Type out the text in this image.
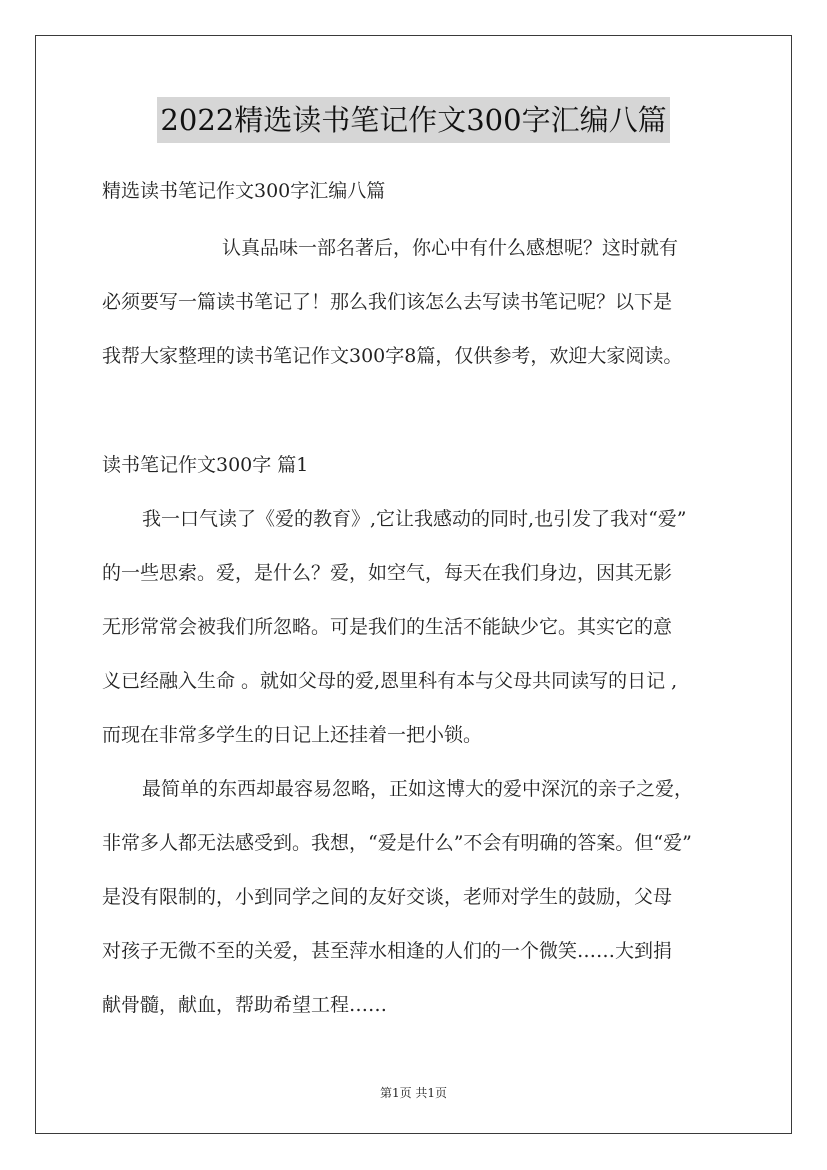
2022精选读书笔记作文300字汇编八篇

精选读书笔记作文300字汇编八篇

认真品味一部名著后，你心中有什么感想呢？这时就有

必须要写一篇读书笔记了！那么我们该怎么去写读书笔记呢？以下是

我帮大家整理的读书笔记作文300字8篇，仅供参考，欢迎大家阅读。

读书笔记作文300字 篇1

我一口气读了《爱的教育》,它让我感动的同时,也引发了我对“爱”

的一些思索。爱，是什么？爱，如空气，每天在我们身边，因其无影

无形常常会被我们所忽略。可是我们的生活不能缺少它。其实它的意

义已经融入生命 。就如父母的爱,恩里科有本与父母共同读写的日记 ,

而现在非常多学生的日记上还挂着一把小锁。

最简单的东西却最容易忽略，正如这博大的爱中深沉的亲子之爱，

非常多人都无法感受到。我想，“爱是什么”不会有明确的答案。但“爱”

是没有限制的，小到同学之间的友好交谈，老师对学生的鼓励，父母

对孩子无微不至的关爱，甚至萍水相逢的人们的一个微笑……大到捐

献骨髓，献血，帮助希望工程……

第1页 共1页
